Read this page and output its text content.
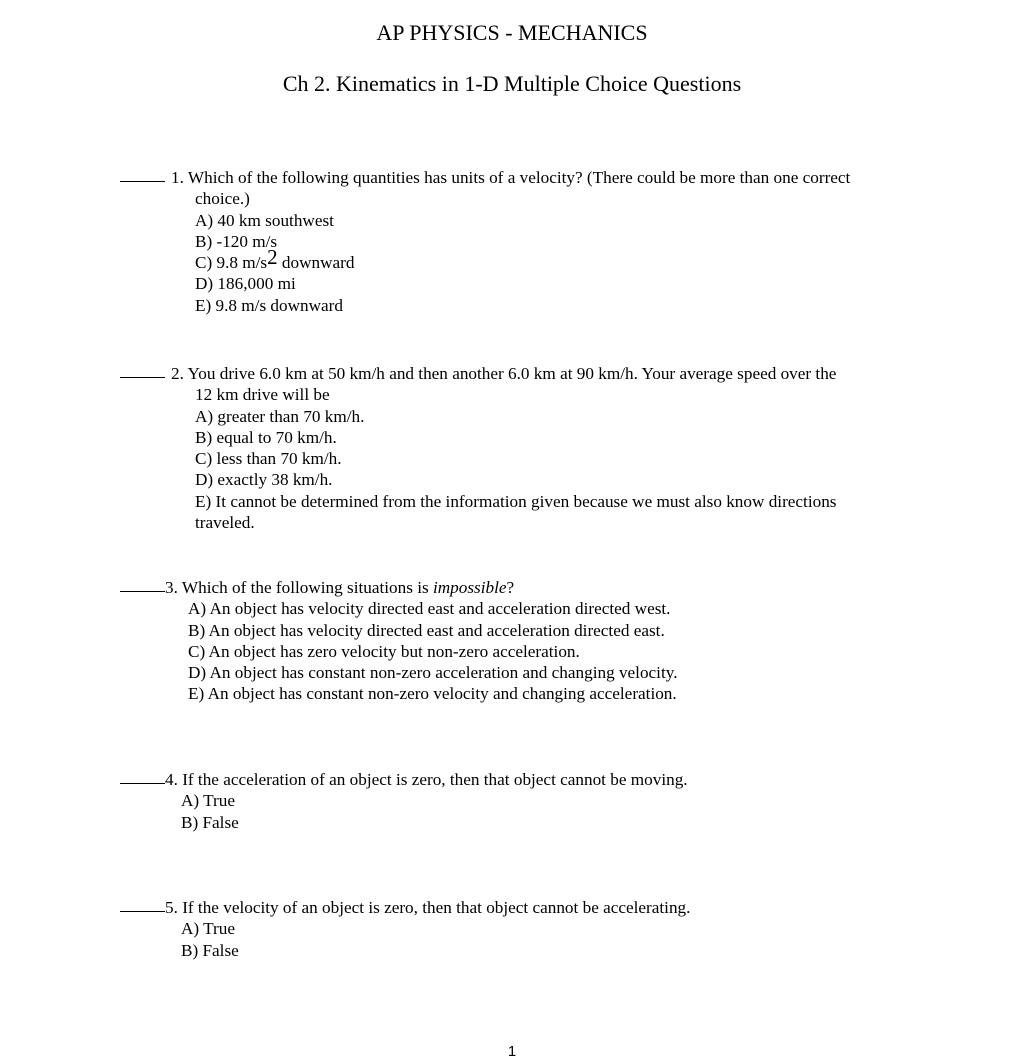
AP PHYSICS - MECHANICS
Ch 2. Kinematics in 1-D Multiple Choice Questions
1. Which of the following quantities has units of a velocity? (There could be more than one correct
choice.)
A) 40 km southwest
B) -120 m/s
C) 9.8 m/s2 downward
D) 186,000 mi
E) 9.8 m/s downward
2. You drive 6.0 km at 50 km/h and then another 6.0 km at 90 km/h. Your average speed over the
12 km drive will be
A) greater than 70 km/h.
B) equal to 70 km/h.
C) less than 70 km/h.
D) exactly 38 km/h.
E) It cannot be determined from the information given because we must also know directions
traveled.
3. Which of the following situations is impossible?
A) An object has velocity directed east and acceleration directed west.
B) An object has velocity directed east and acceleration directed east.
C) An object has zero velocity but non-zero acceleration.
D) An object has constant non-zero acceleration and changing velocity.
E) An object has constant non-zero velocity and changing acceleration.
4. If the acceleration of an object is zero, then that object cannot be moving.
A) True
B) False
5. If the velocity of an object is zero, then that object cannot be accelerating.
A) True
B) False
1
